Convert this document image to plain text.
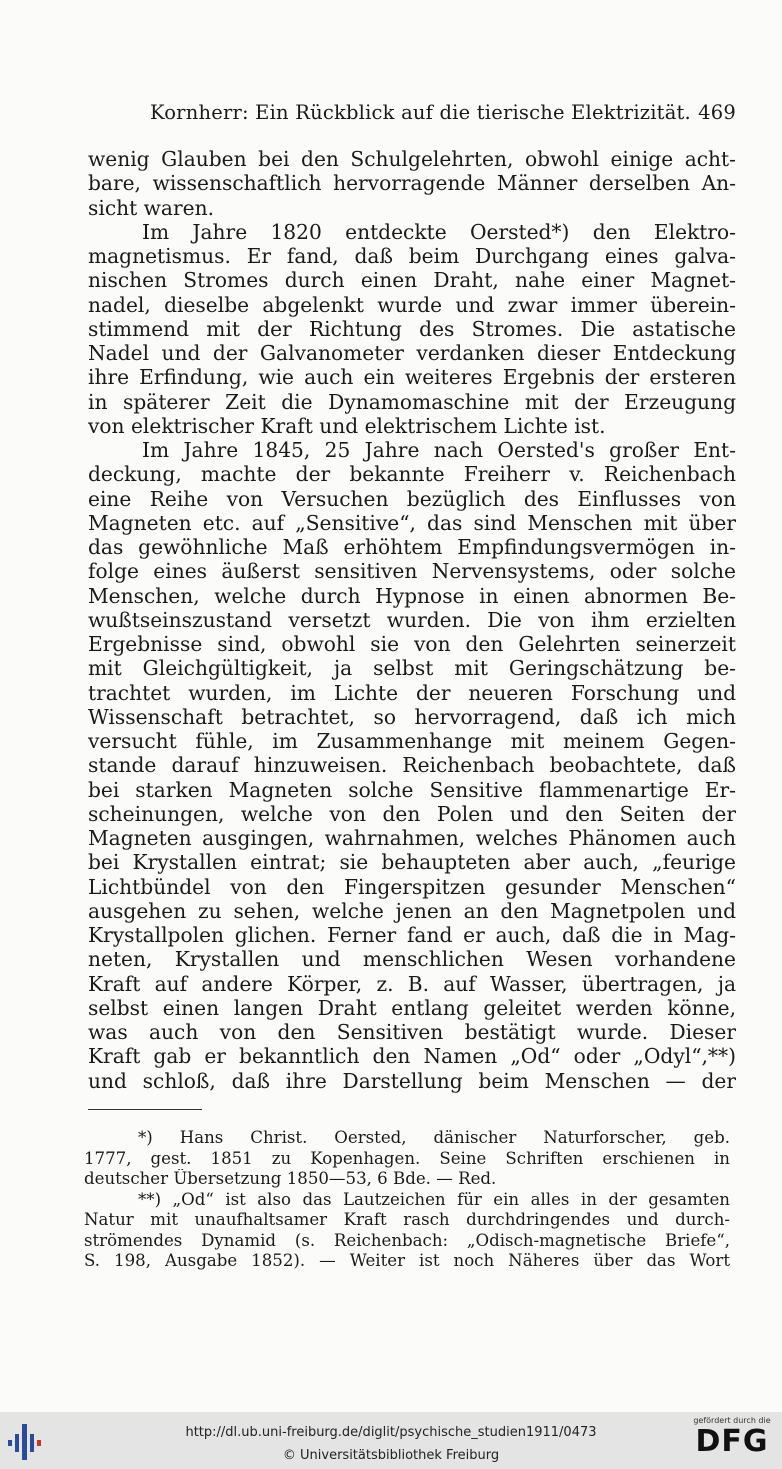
Kornherr: Ein Rückblick auf die tierische Elektrizität. 469
wenig Glauben bei den Schulgelehrten, obwohl einige acht-
bare, wissenschaftlich hervorragende Männer derselben An-
sicht waren.
Im Jahre 1820 entdeckte Oersted*) den Elektro-
magnetismus. Er fand, daß beim Durchgang eines galva-
nischen Stromes durch einen Draht, nahe einer Magnet-
nadel, dieselbe abgelenkt wurde und zwar immer überein-
stimmend mit der Richtung des Stromes. Die astatische
Nadel und der Galvanometer verdanken dieser Entdeckung
ihre Erfindung, wie auch ein weiteres Ergebnis der ersteren
in späterer Zeit die Dynamomaschine mit der Erzeugung
von elektrischer Kraft und elektrischem Lichte ist.
Im Jahre 1845, 25 Jahre nach Oersted's großer Ent-
deckung, machte der bekannte Freiherr v. Reichenbach
eine Reihe von Versuchen bezüglich des Einflusses von
Magneten etc. auf „Sensitive“, das sind Menschen mit über
das gewöhnliche Maß erhöhtem Empfindungsvermögen in-
folge eines äußerst sensitiven Nervensystems, oder solche
Menschen, welche durch Hypnose in einen abnormen Be-
wußtseinszustand versetzt wurden. Die von ihm erzielten
Ergebnisse sind, obwohl sie von den Gelehrten seinerzeit
mit Gleichgültigkeit, ja selbst mit Geringschätzung be-
trachtet wurden, im Lichte der neueren Forschung und
Wissenschaft betrachtet, so hervorragend, daß ich mich
versucht fühle, im Zusammenhange mit meinem Gegen-
stande darauf hinzuweisen. Reichenbach beobachtete, daß
bei starken Magneten solche Sensitive flammenartige Er-
scheinungen, welche von den Polen und den Seiten der
Magneten ausgingen, wahrnahmen, welches Phänomen auch
bei Krystallen eintrat; sie behaupteten aber auch, „feurige
Lichtbündel von den Fingerspitzen gesunder Menschen“
ausgehen zu sehen, welche jenen an den Magnetpolen und
Krystallpolen glichen. Ferner fand er auch, daß die in Mag-
neten, Krystallen und menschlichen Wesen vorhandene
Kraft auf andere Körper, z. B. auf Wasser, übertragen, ja
selbst einen langen Draht entlang geleitet werden könne,
was auch von den Sensitiven bestätigt wurde. Dieser
Kraft gab er bekanntlich den Namen „Od“ oder „Odyl“,**)
und schloß, daß ihre Darstellung beim Menschen — der
*) Hans Christ. Oersted, dänischer Naturforscher, geb.
1777, gest. 1851 zu Kopenhagen. Seine Schriften erschienen in
deutscher Übersetzung 1850—53, 6 Bde. — Red.
**) „Od“ ist also das Lautzeichen für ein alles in der gesamten
Natur mit unaufhaltsamer Kraft rasch durchdringendes und durch-
strömendes Dynamid (s. Reichenbach: „Odisch-magnetische Briefe“,
S. 198, Ausgabe 1852). — Weiter ist noch Näheres über das Wort
http://dl.ub.uni-freiburg.de/diglit/psychische_studien1911/0473
© Universitätsbibliothek Freiburg
gefördert durch die
DFG
